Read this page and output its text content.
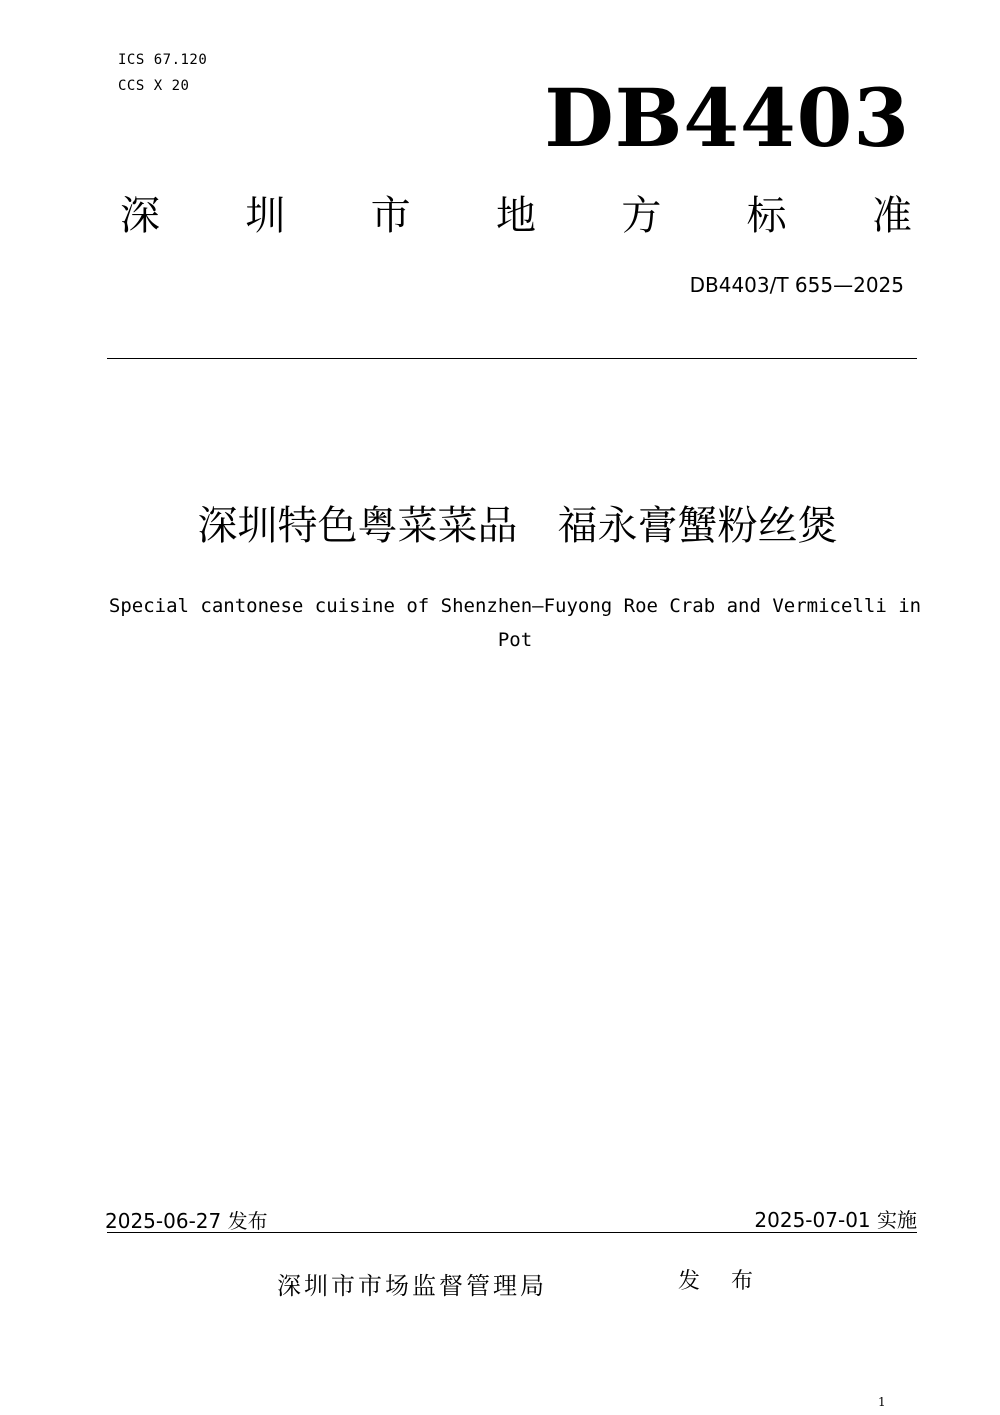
ICS 67.120
CCS X 20	DB4403
深 圳 市 地 方 标 准
DB4403/T 655—2025
深圳特色粤菜菜品　福永膏蟹粉丝煲
Special cantonese cuisine of Shenzhen—Fuyong Roe Crab and Vermicelli in Pot
2025-06-27 发布	2025-07-01 实施
深圳市市场监督管理局	发 布
1
